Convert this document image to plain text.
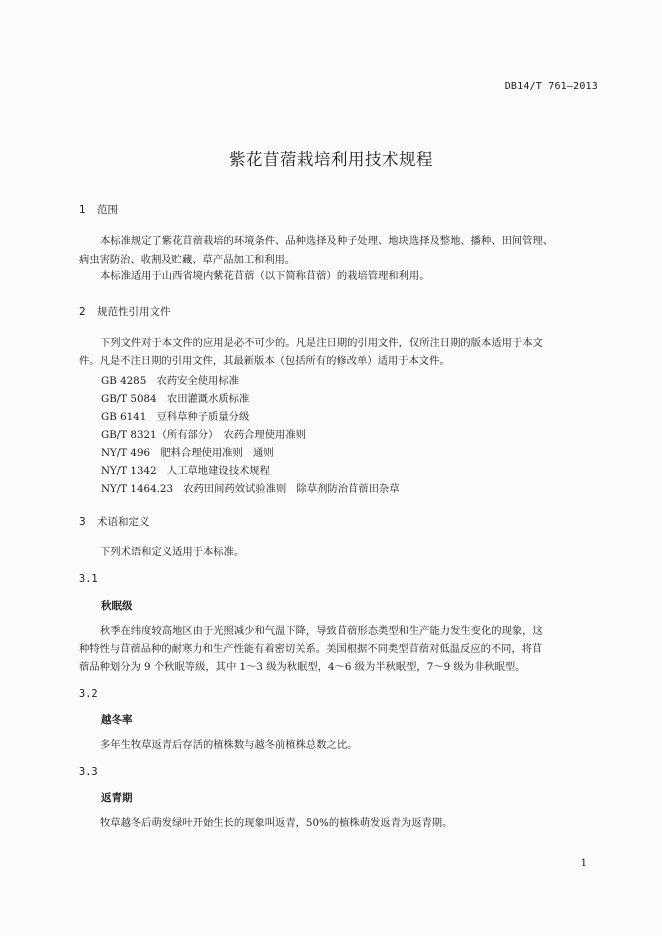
DB14/T 761—2013
紫花苜蓿栽培利用技术规程
1 范围
本标准规定了紫花苜蓿栽培的环境条件、品种选择及种子处理、地块选择及整地、播种、田间管理、
病虫害防治、收割及贮藏、草产品加工和利用。
本标准适用于山西省境内紫花苜蓿（以下简称苜蓿）的栽培管理和利用。
2 规范性引用文件
下列文件对于本文件的应用是必不可少的。凡是注日期的引用文件，仅所注日期的版本适用于本文
件。凡是不注日期的引用文件，其最新版本（包括所有的修改单）适用于本文件。
GB 4285　农药安全使用标准
GB/T 5084　农田灌溉水质标准
GB 6141　豆科草种子质量分级
GB/T 8321（所有部分）　农药合理使用准则
NY/T 496　肥料合理使用准则　通则
NY/T 1342　人工草地建设技术规程
NY/T 1464.23　农药田间药效试验准则　除草剂防治苜蓿田杂草
3 术语和定义
下列术语和定义适用于本标准。
3.1
秋眠级
秋季在纬度较高地区由于光照减少和气温下降，导致苜蓿形态类型和生产能力发生变化的现象，这
种特性与苜蓿品种的耐寒力和生产性能有着密切关系。美国根据不同类型苜蓿对低温反应的不同，将苜
蓿品种划分为 9 个秋眠等级，其中 1～3 级为秋眠型，4～6 级为半秋眠型，7～9 级为非秋眠型。
3.2
越冬率
多年生牧草返青后存活的植株数与越冬前植株总数之比。
3.3
返青期
牧草越冬后萌发绿叶开始生长的现象叫返青，50%的植株萌发返青为返青期。
1
